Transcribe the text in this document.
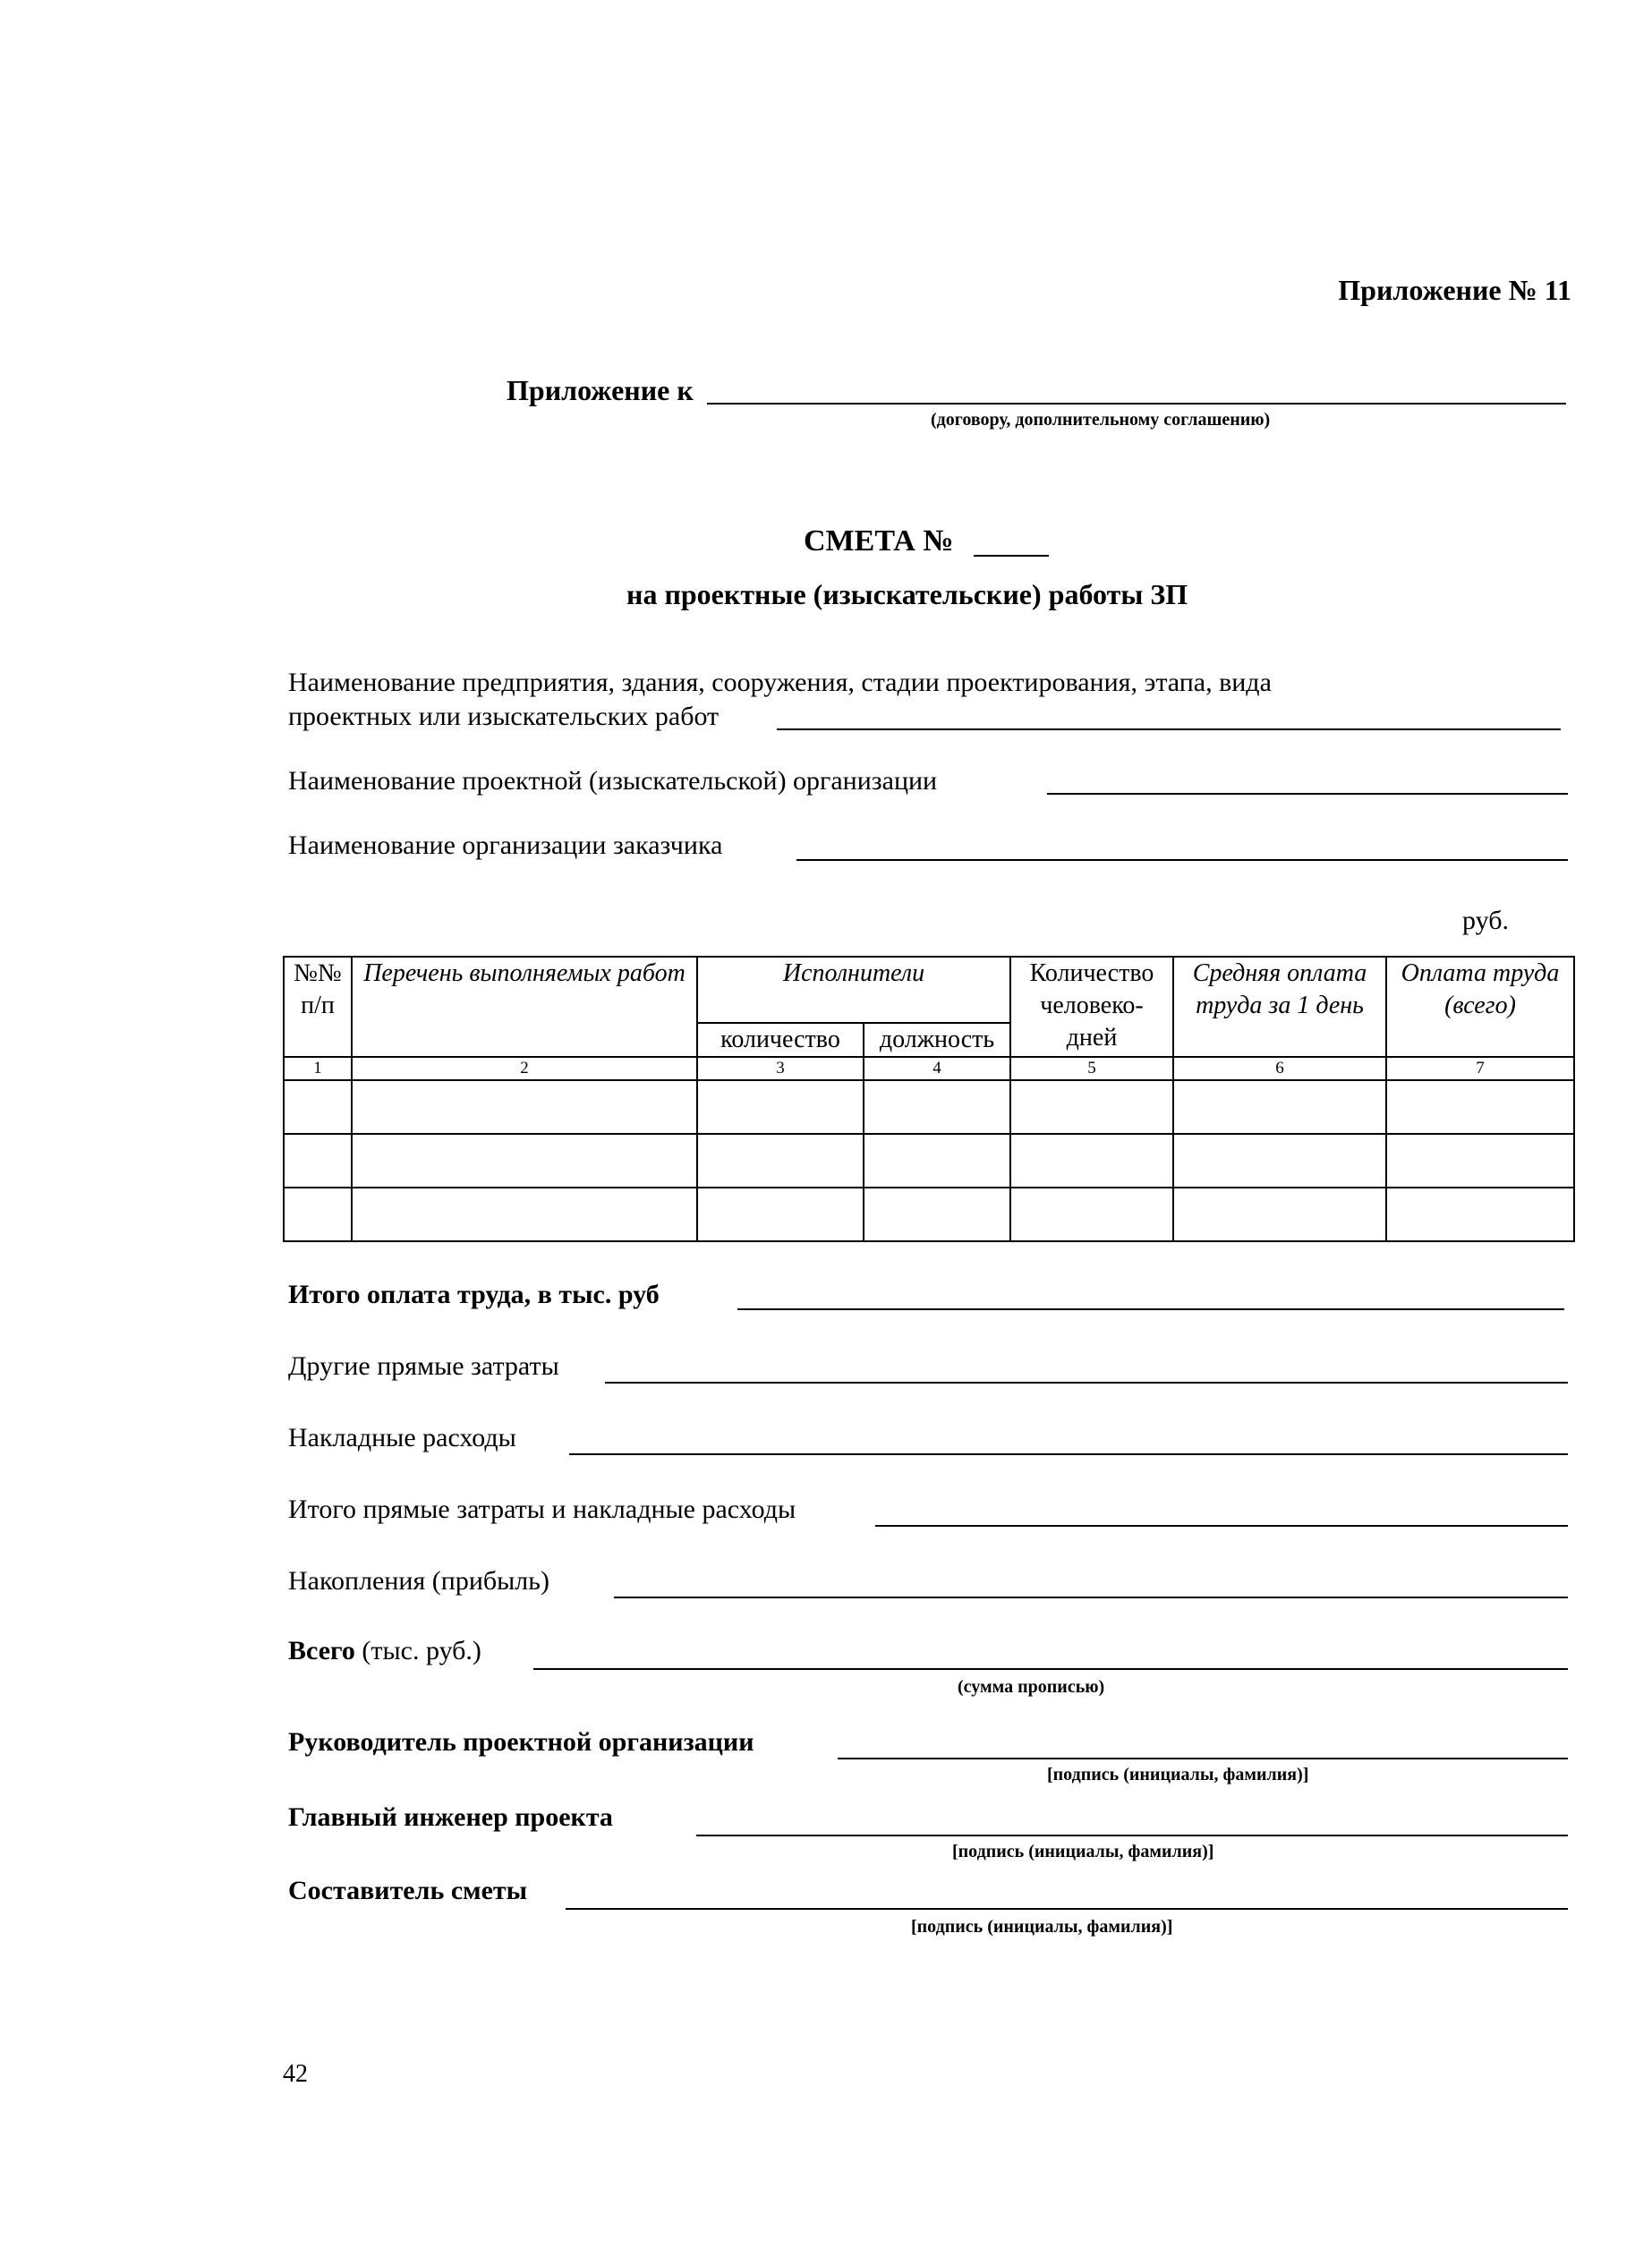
Приложение № 11
Приложение к
(договору, дополнительному соглашению)
СМЕТА №
на проектные (изыскательские) работы ЗП
Наименование предприятия, здания, сооружения, стадии проектирования, этапа, вида
проектных или изыскательских работ
Наименование проектной (изыскательской) организации
Наименование организации заказчика
руб.
№№ п/п	Перечень выполняемых работ	Исполнители		Количество человеко-дней	Средняя оплата труда за 1 день	Оплата труда (всего)
		количество	должность			
1	2	3	4	5	6	7

Итого оплата труда, в тыс. руб
Другие прямые затраты
Накладные расходы
Итого прямые затраты и накладные расходы
Накопления (прибыль)
Всего (тыс. руб.)
(сумма прописью)
Руководитель проектной организации
[подпись (инициалы, фамилия)]
Главный инженер проекта
[подпись (инициалы, фамилия)]
Составитель сметы
[подпись (инициалы, фамилия)]
42
